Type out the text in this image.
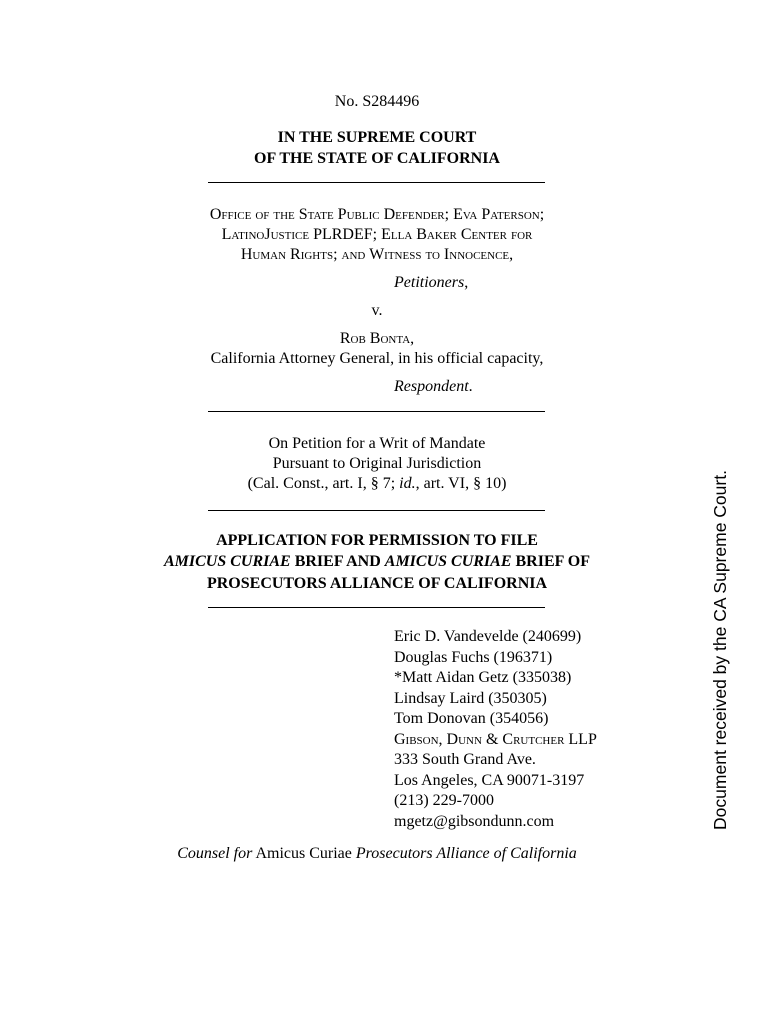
No. S284496
IN THE SUPREME COURT
OF THE STATE OF CALIFORNIA
Office of the State Public Defender; Eva Paterson;
LatinoJustice PLRDEF; Ella Baker Center for
Human Rights; and Witness to Innocence,
Petitioners,
v.
Rob Bonta,
California Attorney General, in his official capacity,
Respondent.
On Petition for a Writ of Mandate
Pursuant to Original Jurisdiction
(Cal. Const., art. I, § 7; id., art. VI, § 10)
APPLICATION FOR PERMISSION TO FILE
AMICUS CURIAE BRIEF AND AMICUS CURIAE BRIEF OF
PROSECUTORS ALLIANCE OF CALIFORNIA
Eric D. Vandevelde (240699)
Douglas Fuchs (196371)
*Matt Aidan Getz (335038)
Lindsay Laird (350305)
Tom Donovan (354056)
Gibson, Dunn & Crutcher LLP
333 South Grand Ave.
Los Angeles, CA 90071-3197
(213) 229-7000
mgetz@gibsondunn.com
Counsel for Amicus Curiae Prosecutors Alliance of California
Document received by the CA Supreme Court.
